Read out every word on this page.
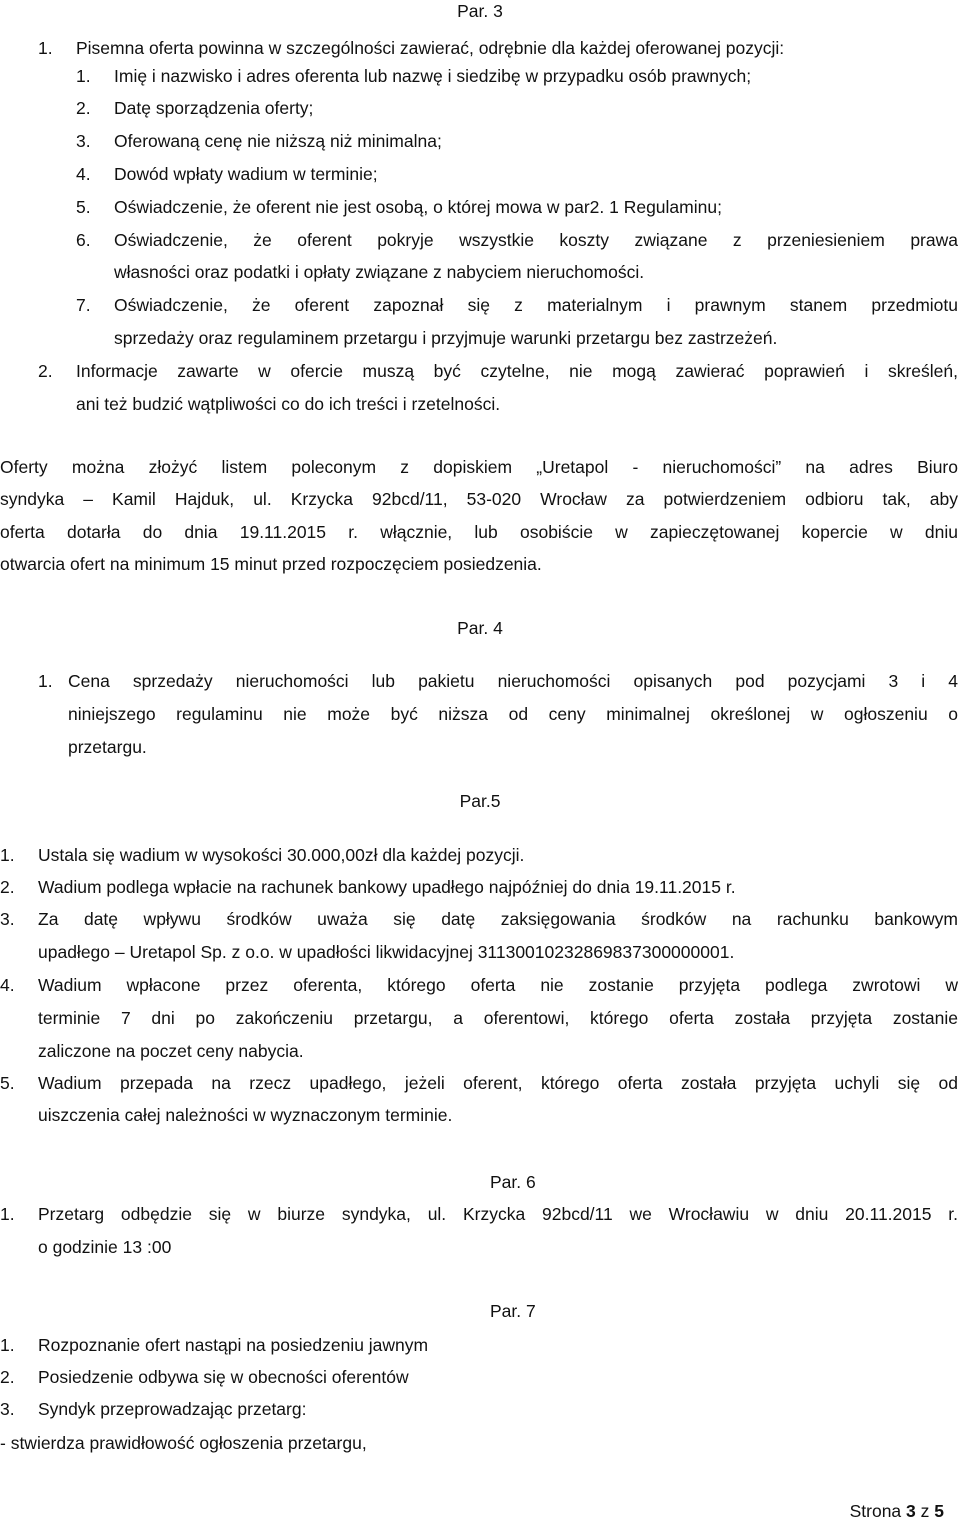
Par. 3
1. Pisemna oferta powinna w szczególności zawierać, odrębnie dla każdej oferowanej pozycji:
1. Imię i nazwisko i adres oferenta lub nazwę i siedzibę w przypadku osób prawnych;
2. Datę sporządzenia oferty;
3. Oferowaną cenę nie niższą niż minimalna;
4. Dowód wpłaty wadium w terminie;
5. Oświadczenie, że oferent nie jest osobą, o której mowa w par2. 1 Regulaminu;
6. Oświadczenie, że oferent pokryje wszystkie koszty związane z przeniesieniem prawa
własności oraz podatki i opłaty związane z nabyciem nieruchomości.
7. Oświadczenie, że oferent zapoznał się z materialnym i prawnym stanem przedmiotu
sprzedaży oraz regulaminem przetargu i przyjmuje warunki przetargu bez zastrzeżeń.
2. Informacje zawarte w ofercie muszą być czytelne, nie mogą zawierać poprawień i skreśleń,
ani też budzić wątpliwości co do ich treści i rzetelności.
Oferty można złożyć listem poleconym z dopiskiem „Uretapol - nieruchomości” na adres Biuro
syndyka – Kamil Hajduk, ul. Krzycka 92bcd/11, 53-020 Wrocław za potwierdzeniem odbioru tak, aby
oferta dotarła do dnia 19.11.2015 r. włącznie, lub osobiście w zapieczętowanej kopercie w dniu
otwarcia ofert na minimum 15 minut przed rozpoczęciem posiedzenia.
Par. 4
1. Cena sprzedaży nieruchomości lub pakietu nieruchomości opisanych pod pozycjami 3 i 4
niniejszego regulaminu nie może być niższa od ceny minimalnej określonej w ogłoszeniu o
przetargu.
Par.5
1. Ustala się wadium w wysokości 30.000,00zł dla każdej pozycji.
2. Wadium podlega wpłacie na rachunek bankowy upadłego najpóźniej do dnia 19.11.2015 r.
3. Za datę wpływu środków uważa się datę zaksięgowania środków na rachunku bankowym
upadłego – Uretapol Sp. z o.o. w upadłości likwidacyjnej 31130010232869837300000001.
4. Wadium wpłacone przez oferenta, którego oferta nie zostanie przyjęta podlega zwrotowi w
terminie 7 dni po zakończeniu przetargu, a oferentowi, którego oferta została przyjęta zostanie
zaliczone na poczet ceny nabycia.
5. Wadium przepada na rzecz upadłego, jeżeli oferent, którego oferta została przyjęta uchyli się od
uiszczenia całej należności w wyznaczonym terminie.
Par. 6
1. Przetarg odbędzie się w biurze syndyka, ul. Krzycka 92bcd/11 we Wrocławiu w dniu 20.11.2015 r.
o godzinie 13 :00
Par. 7
1. Rozpoznanie ofert nastąpi na posiedzeniu jawnym
2. Posiedzenie odbywa się w obecności oferentów
3. Syndyk przeprowadzając przetarg:
- stwierdza prawidłowość ogłoszenia przetargu,
Strona 3 z 5
